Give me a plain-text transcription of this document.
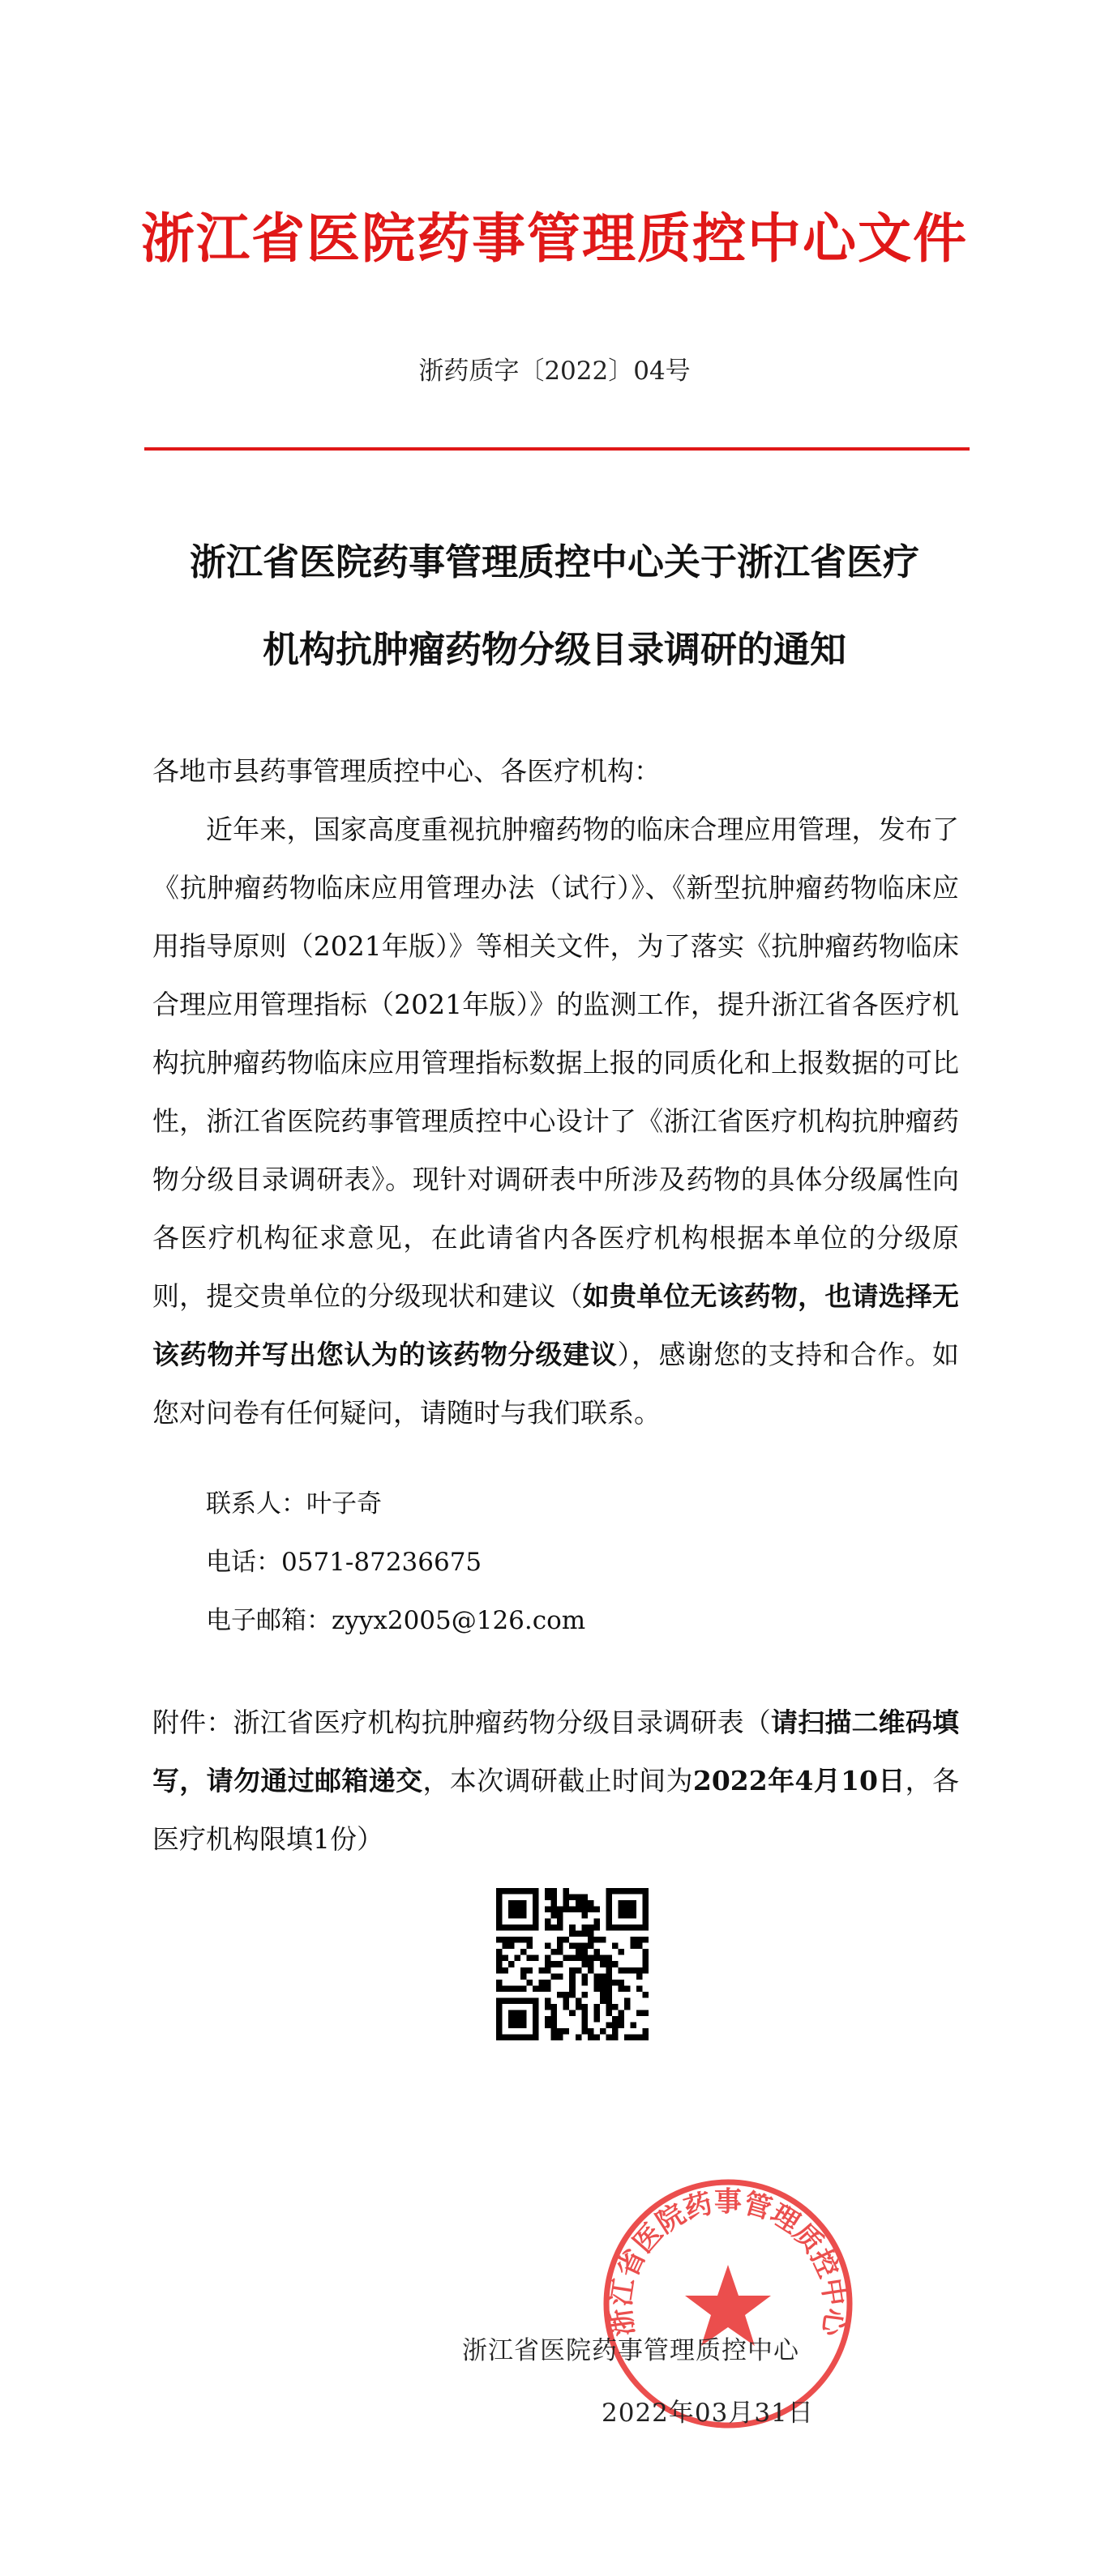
浙江省医院药事管理质控中心文件
浙药质字〔2022〕04号
浙江省医院药事管理质控中心关于浙江省医疗
机构抗肿瘤药物分级目录调研的通知

各地市县药事管理质控中心、各医疗机构：

近年来，国家高度重视抗肿瘤药物的临床合理应用管理，发布了《抗肿瘤药物临床应用管理办法（试行）》、《新型抗肿瘤药物临床应用指导原则（2021年版）》等相关文件，为了落实《抗肿瘤药物临床合理应用管理指标（2021年版）》的监测工作，提升浙江省各医疗机构抗肿瘤药物临床应用管理指标数据上报的同质化和上报数据的可比性，浙江省医院药事管理质控中心设计了《浙江省医疗机构抗肿瘤药物分级目录调研表》。现针对调研表中所涉及药物的具体分级属性向各医疗机构征求意见，在此请省内各医疗机构根据本单位的分级原则，提交贵单位的分级现状和建议（如贵单位无该药物，也请选择无该药物并写出您认为的该药物分级建议），感谢您的支持和合作。如您对问卷有任何疑问，请随时与我们联系。

联系人：叶子奇

电话：0571-87236675

电子邮箱：zyyx2005@126.com

附件：浙江省医疗机构抗肿瘤药物分级目录调研表（请扫描二维码填写，请勿通过邮箱递交，本次调研截止时间为2022年4月10日，各医疗机构限填1份）
浙江省医院药事管理质控中心
浙江省医院药事管理质控中心
2022年03月31日
